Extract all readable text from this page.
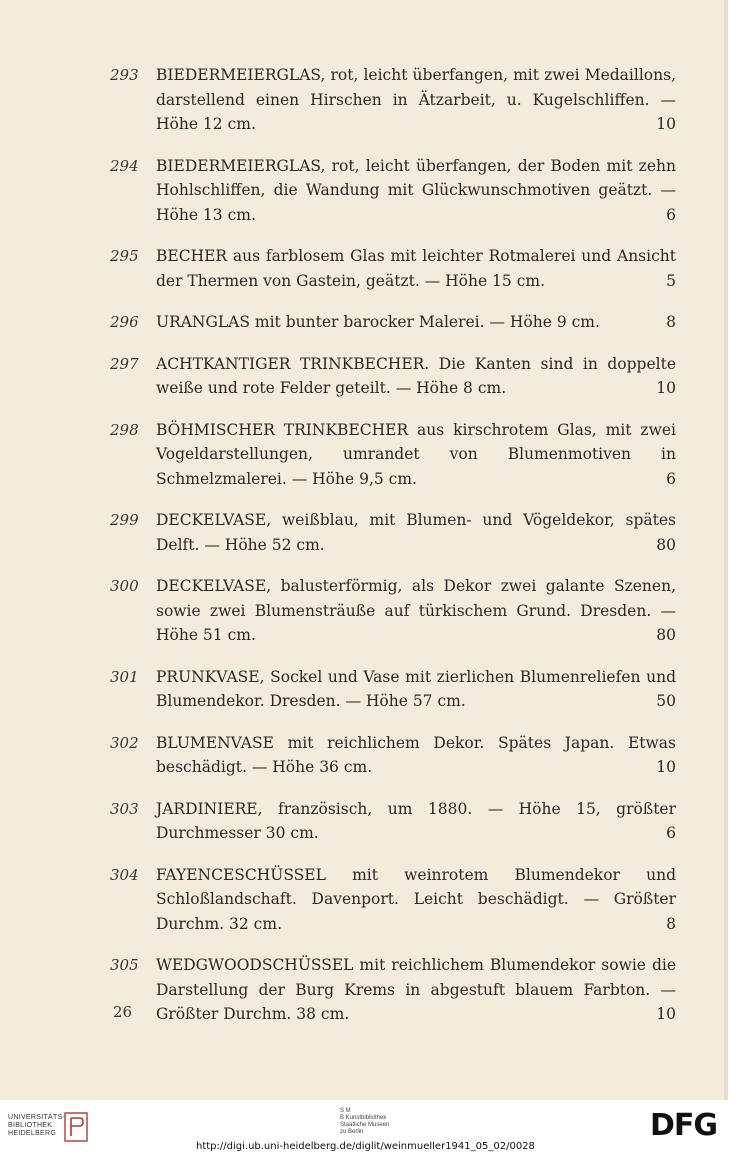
293 BIEDERMEIERGLAS, rot, leicht überfangen, mit zwei Medaillons, darstellend einen Hirschen in Ätzarbeit, u. Kugelschliffen. — Höhe 12 cm.	10
294 BIEDERMEIERGLAS, rot, leicht überfangen, der Boden mit zehn Hohlschliffen, die Wandung mit Glückwunschmotiven geätzt. — Höhe 13 cm.	6
295 BECHER aus farblosem Glas mit leichter Rotmalerei und Ansicht der Thermen von Gastein, geätzt. — Höhe 15 cm.	5
296 URANGLAS mit bunter barocker Malerei. — Höhe 9 cm.	8
297 ACHTKANTIGER TRINKBECHER. Die Kanten sind in doppelte weiße und rote Felder geteilt. — Höhe 8 cm.	10
298 BÖHMISCHER TRINKBECHER aus kirschrotem Glas, mit zwei Vogeldarstellungen, umrandet von Blumenmotiven in Schmelzmalerei. — Höhe 9,5 cm.	6
299 DECKELVASE, weißblau, mit Blumen- und Vögeldekor, spätes Delft. — Höhe 52 cm.	80
300 DECKELVASE, balusterförmig, als Dekor zwei galante Szenen, sowie zwei Blumensträuße auf türkischem Grund. Dresden. — Höhe 51 cm.	80
301 PRUNKVASE, Sockel und Vase mit zierlichen Blumenreliefen und Blumendekor. Dresden. — Höhe 57 cm.	50
302 BLUMENVASE mit reichlichem Dekor. Spätes Japan. Etwas beschädigt. — Höhe 36 cm.	10
303 JARDINIERE, französisch, um 1880. — Höhe 15, größter Durchmesser 30 cm.	6
304 FAYENCESCHÜSSEL mit weinrotem Blumendekor und Schloßlandschaft. Davenport. Leicht beschädigt. — Größter Durchm. 32 cm.	8
305 WEDGWOODSCHÜSSEL mit reichlichem Blumendekor sowie die Darstellung der Burg Krems in abgestuft blauem Farbton. — Größter Durchm. 38 cm.	10
26
UNIVERSITÄTS-
BIBLIOTHEK
HEIDELBERG
S M
B Kunstbibliothek
Staatliche Museen
zu Berlin	DFG
http://digi.ub.uni-heidelberg.de/diglit/weinmueller1941_05_02/0028
